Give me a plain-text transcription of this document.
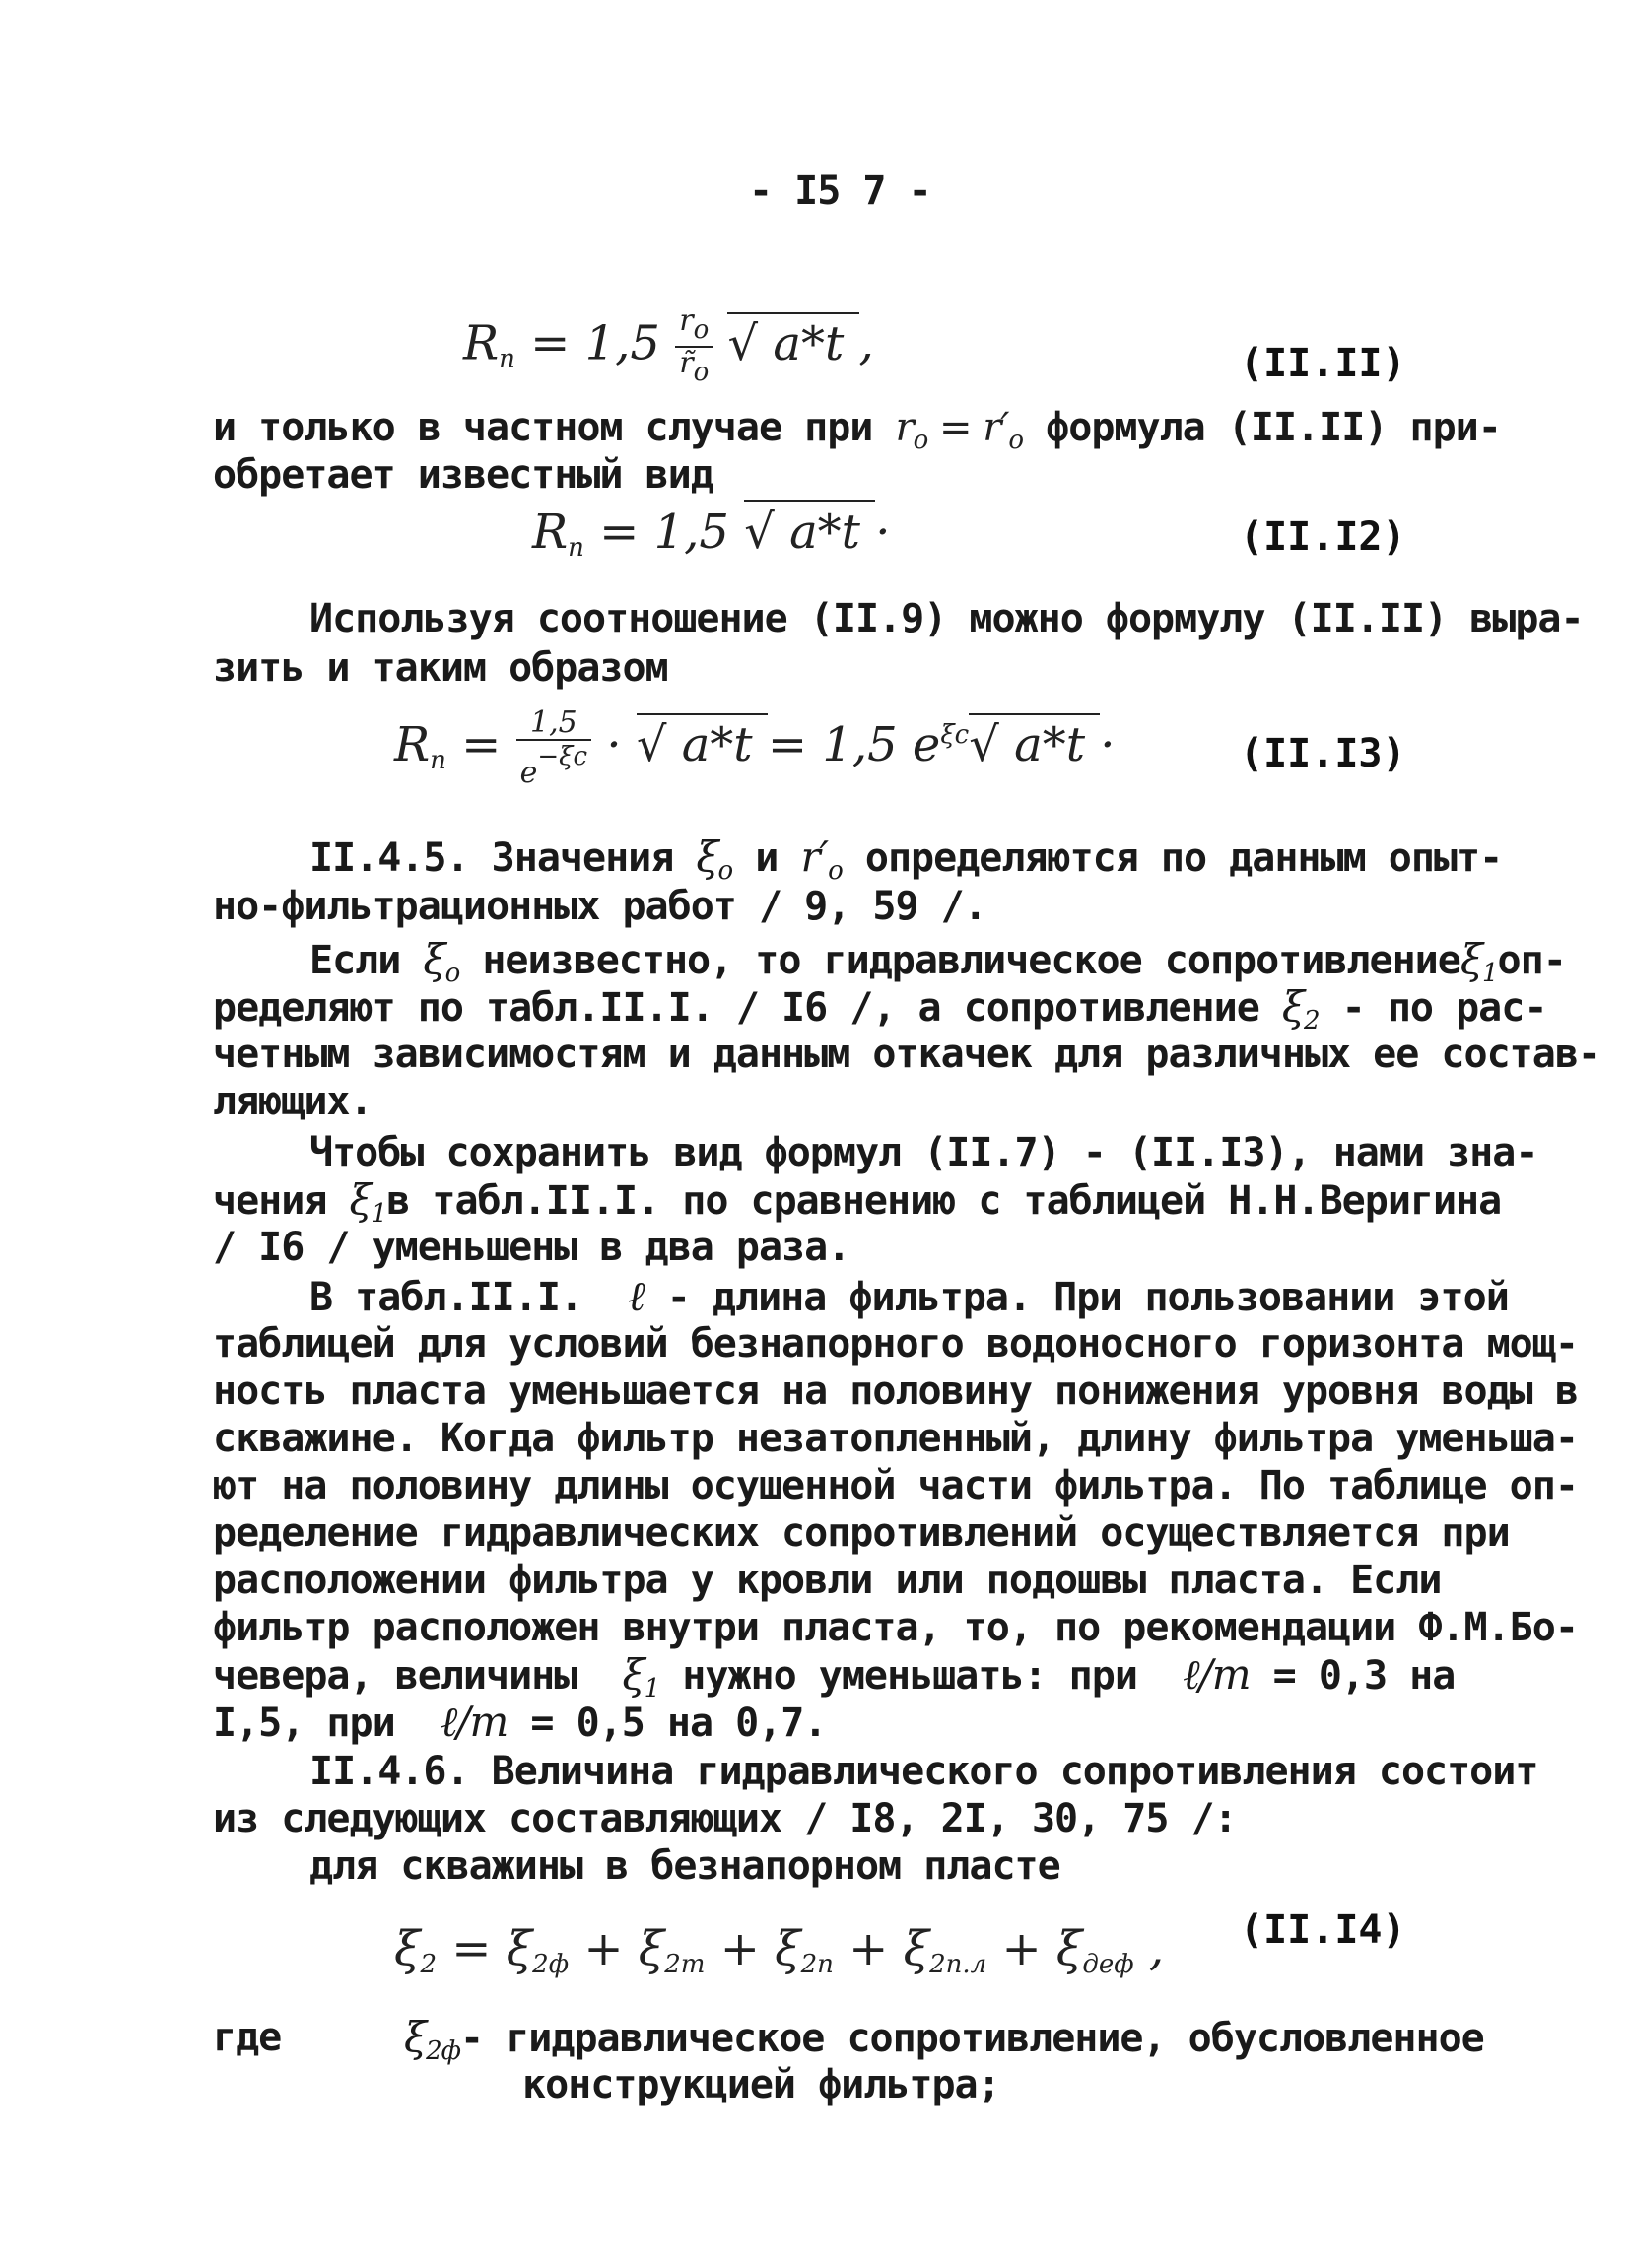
- I5 7 -
$R_п = 1,5 \frac{ro}{r̃o}$ √ a*t ,	(II.II)
и только в частном случае при $r_o = r'_o$ формула (II.II) при-
обретает известный вид
$R_п = 1,5$ √ a*t ·	(II.I2)
Используя соотношение (II.9) можно формулу (II.II) выра-
зить и таким образом
$R_п = \frac{1,5}{e-\xi c}$ · √ a*t = 1,5 $e^{\xi c}√$ a*t ·	(II.I3)
II.4.5. Значения $\xi_o$ и $r'_o$ определяются по данным опыт-
но-фильтрационных работ / 9, 59 /.
Если $\xi_o$ неизвестно, то гидравлическое сопротивлениеξ$_1$оп-
ределяют по табл.II.I. / I6 /, а сопротивление $\xi_2$ - по рас-
четным зависимостям и данным откачек для различных ее состав-
ляющих.
Чтобы сохранить вид формул (II.7) - (II.I3), нами зна-
чения $\xi_1в$ табл.II.I. по сравнению с таблицей Н.Н.Веригина
/ I6 / уменьшены в два раза.
В табл.II.I. ℓ - длина фильтра. При пользовании этой
таблицей для условий безнапорного водоносного горизонта мощ-
ность пласта уменьшается на половину понижения уровня воды в
скважине. Когда фильтр незатопленный, длину фильтра уменьша-
ют на половину длины осушенной части фильтра. По таблице оп-
ределение гидравлических сопротивлений осуществляется при
расположении фильтра у кровли или подошвы пласта. Если
фильтр расположен внутри пласта, то, по рекомендации Ф.М.Бо-
чевера, величины $\xi_1$ нужно уменьшать: при ℓ/m = 0,3 на
I,5, при ℓ/m = 0,5 на 0,7.
II.4.6. Величина гидравлического сопротивления состоит
из следующих составляющих / I8, 2I, 30, 75 /:
для скважины в безнапорном пласте
$\xi_2 = \xi_{2ф} + \xi_{2т} + \xi_{2п} + \xi_{2п.л} + \xi_{деф}$ , (II.I4)
где	$\xi_{2ф}-$ гидравлическое сопротивление, обусловленное
конструкцией фильтра;
